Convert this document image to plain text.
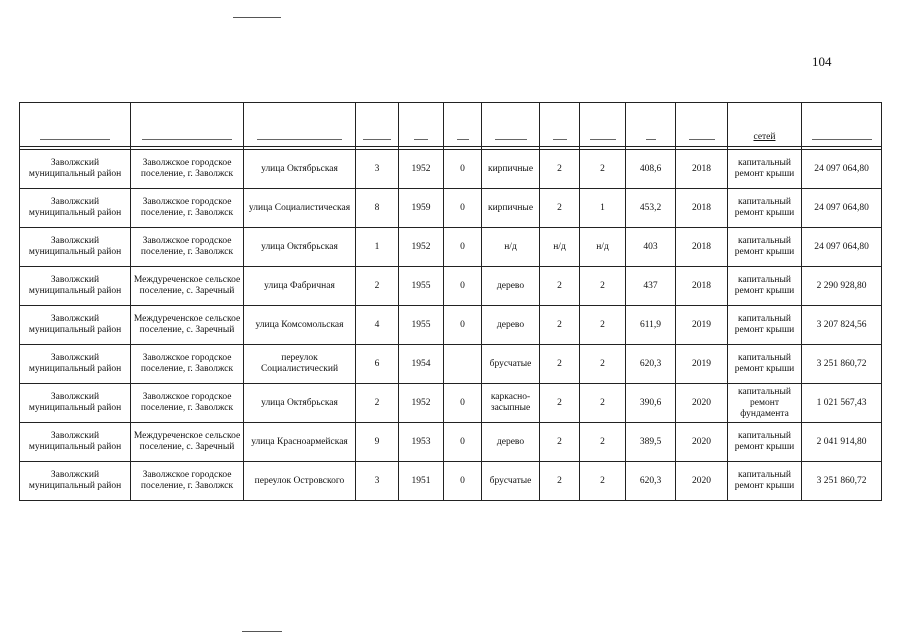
104

											сетей	

Заволжский муниципальный район	Заволжское городское поселение, г. Заволжск	улица Октябрьская	3	1952	0	кирпичные	2	2	408,6	2018	капитальный ремонт крыши	24 097 064,80
Заволжский муниципальный район	Заволжское городское поселение, г. Заволжск	улица Социалистическая	8	1959	0	кирпичные	2	1	453,2	2018	капитальный ремонт крыши	24 097 064,80
Заволжский муниципальный район	Заволжское городское поселение, г. Заволжск	улица Октябрьская	1	1952	0	н/д	н/д	н/д	403	2018	капитальный ремонт крыши	24 097 064,80
Заволжский муниципальный район	Междуреченское сельское поселение, с. Заречный	улица Фабричная	2	1955	0	дерево	2	2	437	2018	капитальный ремонт крыши	2 290 928,80
Заволжский муниципальный район	Междуреченское сельское поселение, с. Заречный	улица Комсомольская	4	1955	0	дерево	2	2	611,9	2019	капитальный ремонт крыши	3 207 824,56
Заволжский муниципальный район	Заволжское городское поселение, г. Заволжск	переулок Социалистический	6	1954		брусчатые	2	2	620,3	2019	капитальный ремонт крыши	3 251 860,72
Заволжский муниципальный район	Заволжское городское поселение, г. Заволжск	улица Октябрьская	2	1952	0	каркасно-засыпные	2	2	390,6	2020	капитальный ремонт фундамента	1 021 567,43
Заволжский муниципальный район	Междуреченское сельское поселение, с. Заречный	улица Красноармейская	9	1953	0	дерево	2	2	389,5	2020	капитальный ремонт крыши	2 041 914,80
Заволжский муниципальный район	Заволжское городское поселение, г. Заволжск	переулок Островского	3	1951	0	брусчатые	2	2	620,3	2020	капитальный ремонт крыши	3 251 860,72
